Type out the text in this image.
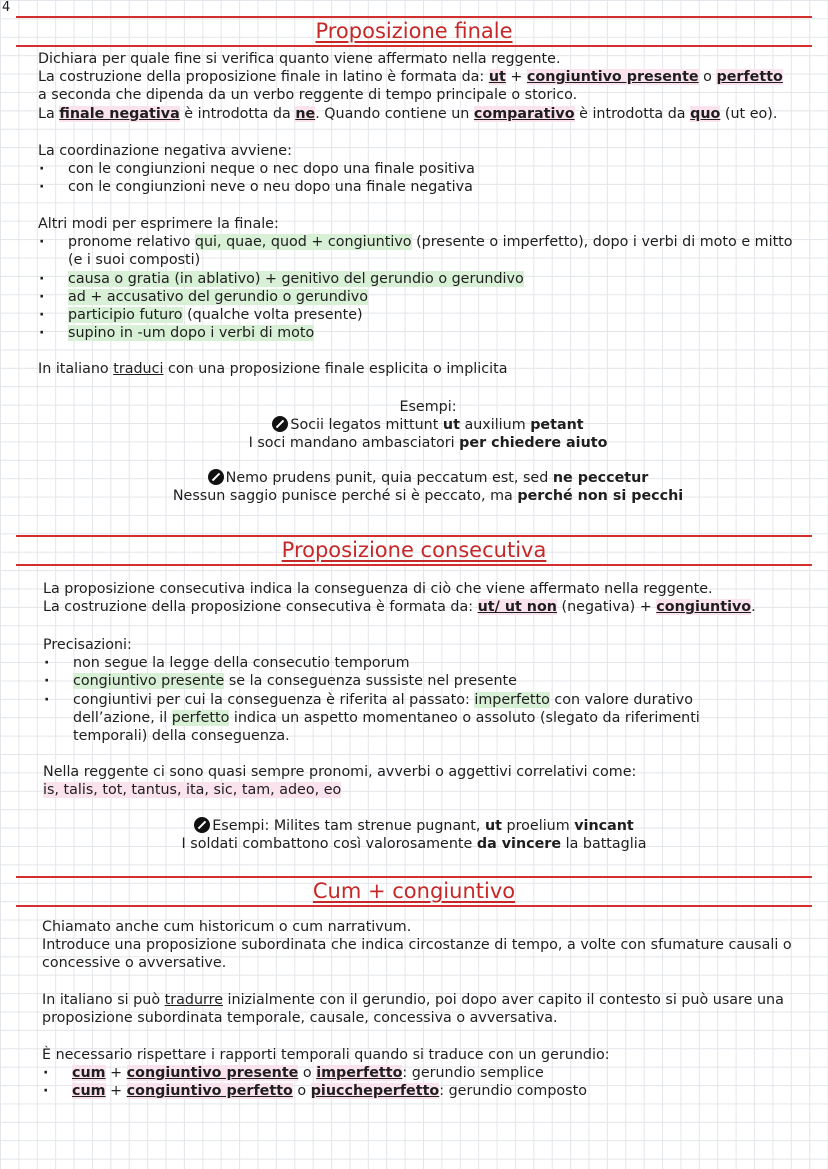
4
Proposizione finale

Dichiara per quale fine si verifica quanto viene affermato nella reggente.

La costruzione della proposizione finale in latino è formata da: ut + congiuntivo presente o perfetto

a seconda che dipenda da un verbo reggente di tempo principale o storico.

La finale negativa è introdotta da ne. Quando contiene un comparativo è introdotta da quo (ut eo).

La coordinazione negativa avviene:

· con le congiunzioni neque o nec dopo una finale positiva

· con le congiunzioni neve o neu dopo una finale negativa

Altri modi per esprimere la finale:

· pronome relativo qui, quae, quod + congiuntivo (presente o imperfetto), dopo i verbi di moto e mitto (e i suoi composti)

· causa o gratia (in ablativo) + genitivo del gerundio o gerundivo

· ad + accusativo del gerundio o gerundivo

· participio futuro (qualche volta presente)

· supino in -um dopo i verbi di moto

In italiano traduci con una proposizione finale esplicita o implicita

Esempi:

Socii legatos mittunt ut auxilium petant

I soci mandano ambasciatori per chiedere aiuto

Nemo prudens punit, quia peccatum est, sed ne peccetur

Nessun saggio punisce perché si è peccato, ma perché non si pecchi

Proposizione consecutiva

La proposizione consecutiva indica la conseguenza di ciò che viene affermato nella reggente.

La costruzione della proposizione consecutiva è formata da: ut/ ut non (negativa) + congiuntivo.

Precisazioni:

· non segue la legge della consecutio temporum

· congiuntivo presente se la conseguenza sussiste nel presente

· congiuntivi per cui la conseguenza è riferita al passato: imperfetto con valore durativo dell’azione, il perfetto indica un aspetto momentaneo o assoluto (slegato da riferimenti temporali) della conseguenza.

Nella reggente ci sono quasi sempre pronomi, avverbi o aggettivi correlativi come:

is, talis, tot, tantus, ita, sic, tam, adeo, eo

Esempi: Milites tam strenue pugnant, ut proelium vincant

I soldati combattono così valorosamente da vincere la battaglia

Cum + congiuntivo

Chiamato anche cum historicum o cum narrativum.

Introduce una proposizione subordinata che indica circostanze di tempo, a volte con sfumature causali o concessive o avversative.

In italiano si può tradurre inizialmente con il gerundio, poi dopo aver capito il contesto si può usare una proposizione subordinata temporale, causale, concessiva o avversativa.

È necessario rispettare i rapporti temporali quando si traduce con un gerundio:

· cum + congiuntivo presente o imperfetto: gerundio semplice

· cum + congiuntivo perfetto o piuccheperfetto: gerundio composto
